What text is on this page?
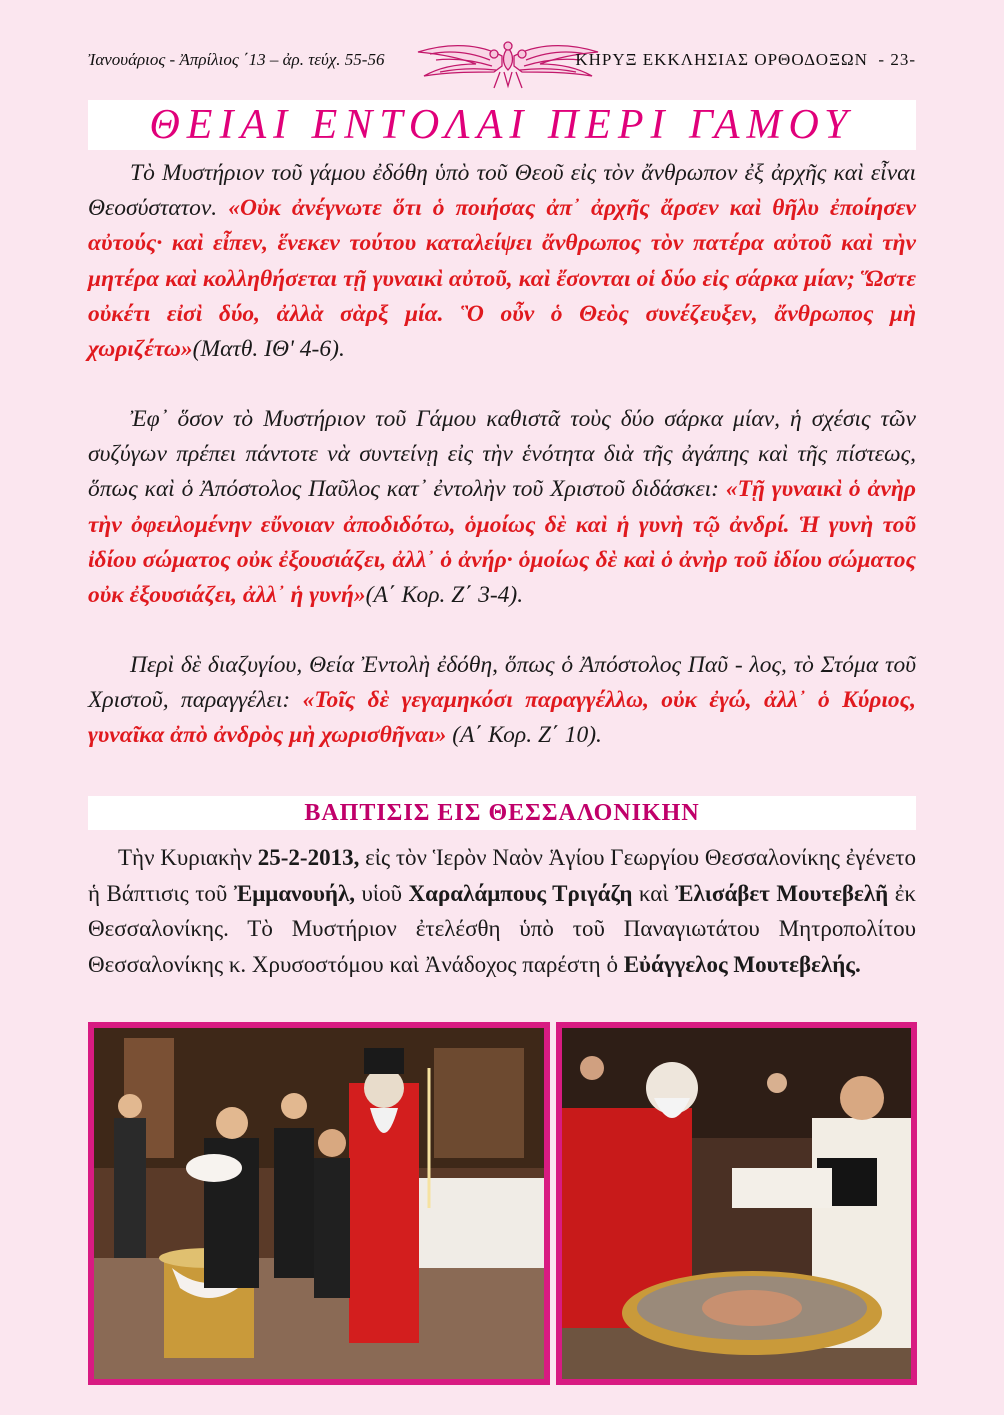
Ἰανουάριος - Ἀπρίλιος ΄13 – ἀρ. τεύχ. 55-56	ΚΗΡΥΞ ΕΚΚΛΗΣΙΑΣ ΟΡΘΟΔΟΞΩΝ - 23-
ΘΕΙΑΙ ΕΝΤΟΛΑΙ ΠΕΡΙ ΓΑΜΟΥ
Τὸ Μυστήριον τοῦ γάμου ἐδόθη ὑπὸ τοῦ Θεοῦ εἰς τὸν ἄνθρωπον ἐξ ἀρχῆς καὶ εἶναι Θεοσύστατον. «Οὐκ ἀνέγνωτε ὅτι ὁ ποιήσας ἀπ᾽ ἀρχῆς ἄρσεν καὶ θῆλυ ἐποίησεν αὐτούς· καὶ εἶπεν, ἕνεκεν τούτου καταλείψει ἄνθρωπος τὸν πατέρα αὐτοῦ καὶ τὴν μητέρα καὶ κολληθήσεται τῇ γυναικὶ αὐτοῦ, καὶ ἔσονται οἱ δύο εἰς σάρκα μίαν; Ὥστε οὐκέτι εἰσὶ δύο, ἀλλὰ σὰρξ μία. Ὃ οὖν ὁ Θεὸς συνέζευξεν, ἄνθρωπος μὴ χωριζέτω»(Ματθ. ΙΘ' 4-6).
Ἐφ᾽ ὅσον τὸ Μυστήριον τοῦ Γάμου καθιστᾶ τοὺς δύο σάρκα μίαν, ἡ σχέσις τῶν συζύγων πρέπει πάντοτε νὰ συντείνῃ εἰς τὴν ἑνότητα διὰ τῆς ἀγάπης καὶ τῆς πίστεως, ὅπως καὶ ὁ Ἀπόστολος Παῦλος κατ᾽ ἐντολὴν τοῦ Χριστοῦ διδάσκει: «Τῇ γυναικὶ ὁ ἀνὴρ τὴν ὀφειλομένην εὔνοιαν ἀποδιδότω, ὁμοίως δὲ καὶ ἡ γυνὴ τῷ ἀνδρί. Ἡ γυνὴ τοῦ ἰδίου σώματος οὐκ ἐξουσιάζει, ἀλλ᾽ ὁ ἀνήρ· ὁμοίως δὲ καὶ ὁ ἀνὴρ τοῦ ἰδίου σώματος οὐκ ἐξουσιάζει, ἀλλ᾽ ἡ γυνή»(Α΄ Κορ. Ζ΄ 3-4).
Περὶ δὲ διαζυγίου, Θεία Ἐντολὴ ἐδόθη, ὅπως ὁ Ἀπόστολος Παῦ - λος, τὸ Στόμα τοῦ Χριστοῦ, παραγγέλει: «Τοῖς δὲ γεγαμηκόσι παραγγέλλω, οὐκ ἐγώ, ἀλλ᾽ ὁ Κύριος, γυναῖκα ἀπὸ ἀνδρὸς μὴ χωρισθῆναι» (Α΄ Κορ. Ζ΄ 10).
ΒΑΠΤΙΣΙΣ ΕΙΣ ΘΕΣΣΑΛΟΝΙΚΗΝ
Τὴν Κυριακὴν 25-2-2013, εἰς τὸν Ἱερὸν Ναὸν Ἁγίου Γεωργίου Θεσσαλονίκης ἐγένετο ἡ Βάπτισις τοῦ Ἐμμανουήλ, υἱοῦ Χαραλάμπους Τριγάζη καὶ Ἐλισάβετ Μουτεβελῆ ἐκ Θεσσαλονίκης. Τὸ Μυστήριον ἐτελέσθη ὑπὸ τοῦ Παναγιωτάτου Μητροπολίτου Θεσσαλονίκης κ. Χρυσοστόμου καὶ Ἀνάδοχος παρέστη ὁ Εὐάγγελος Μουτεβελής.
